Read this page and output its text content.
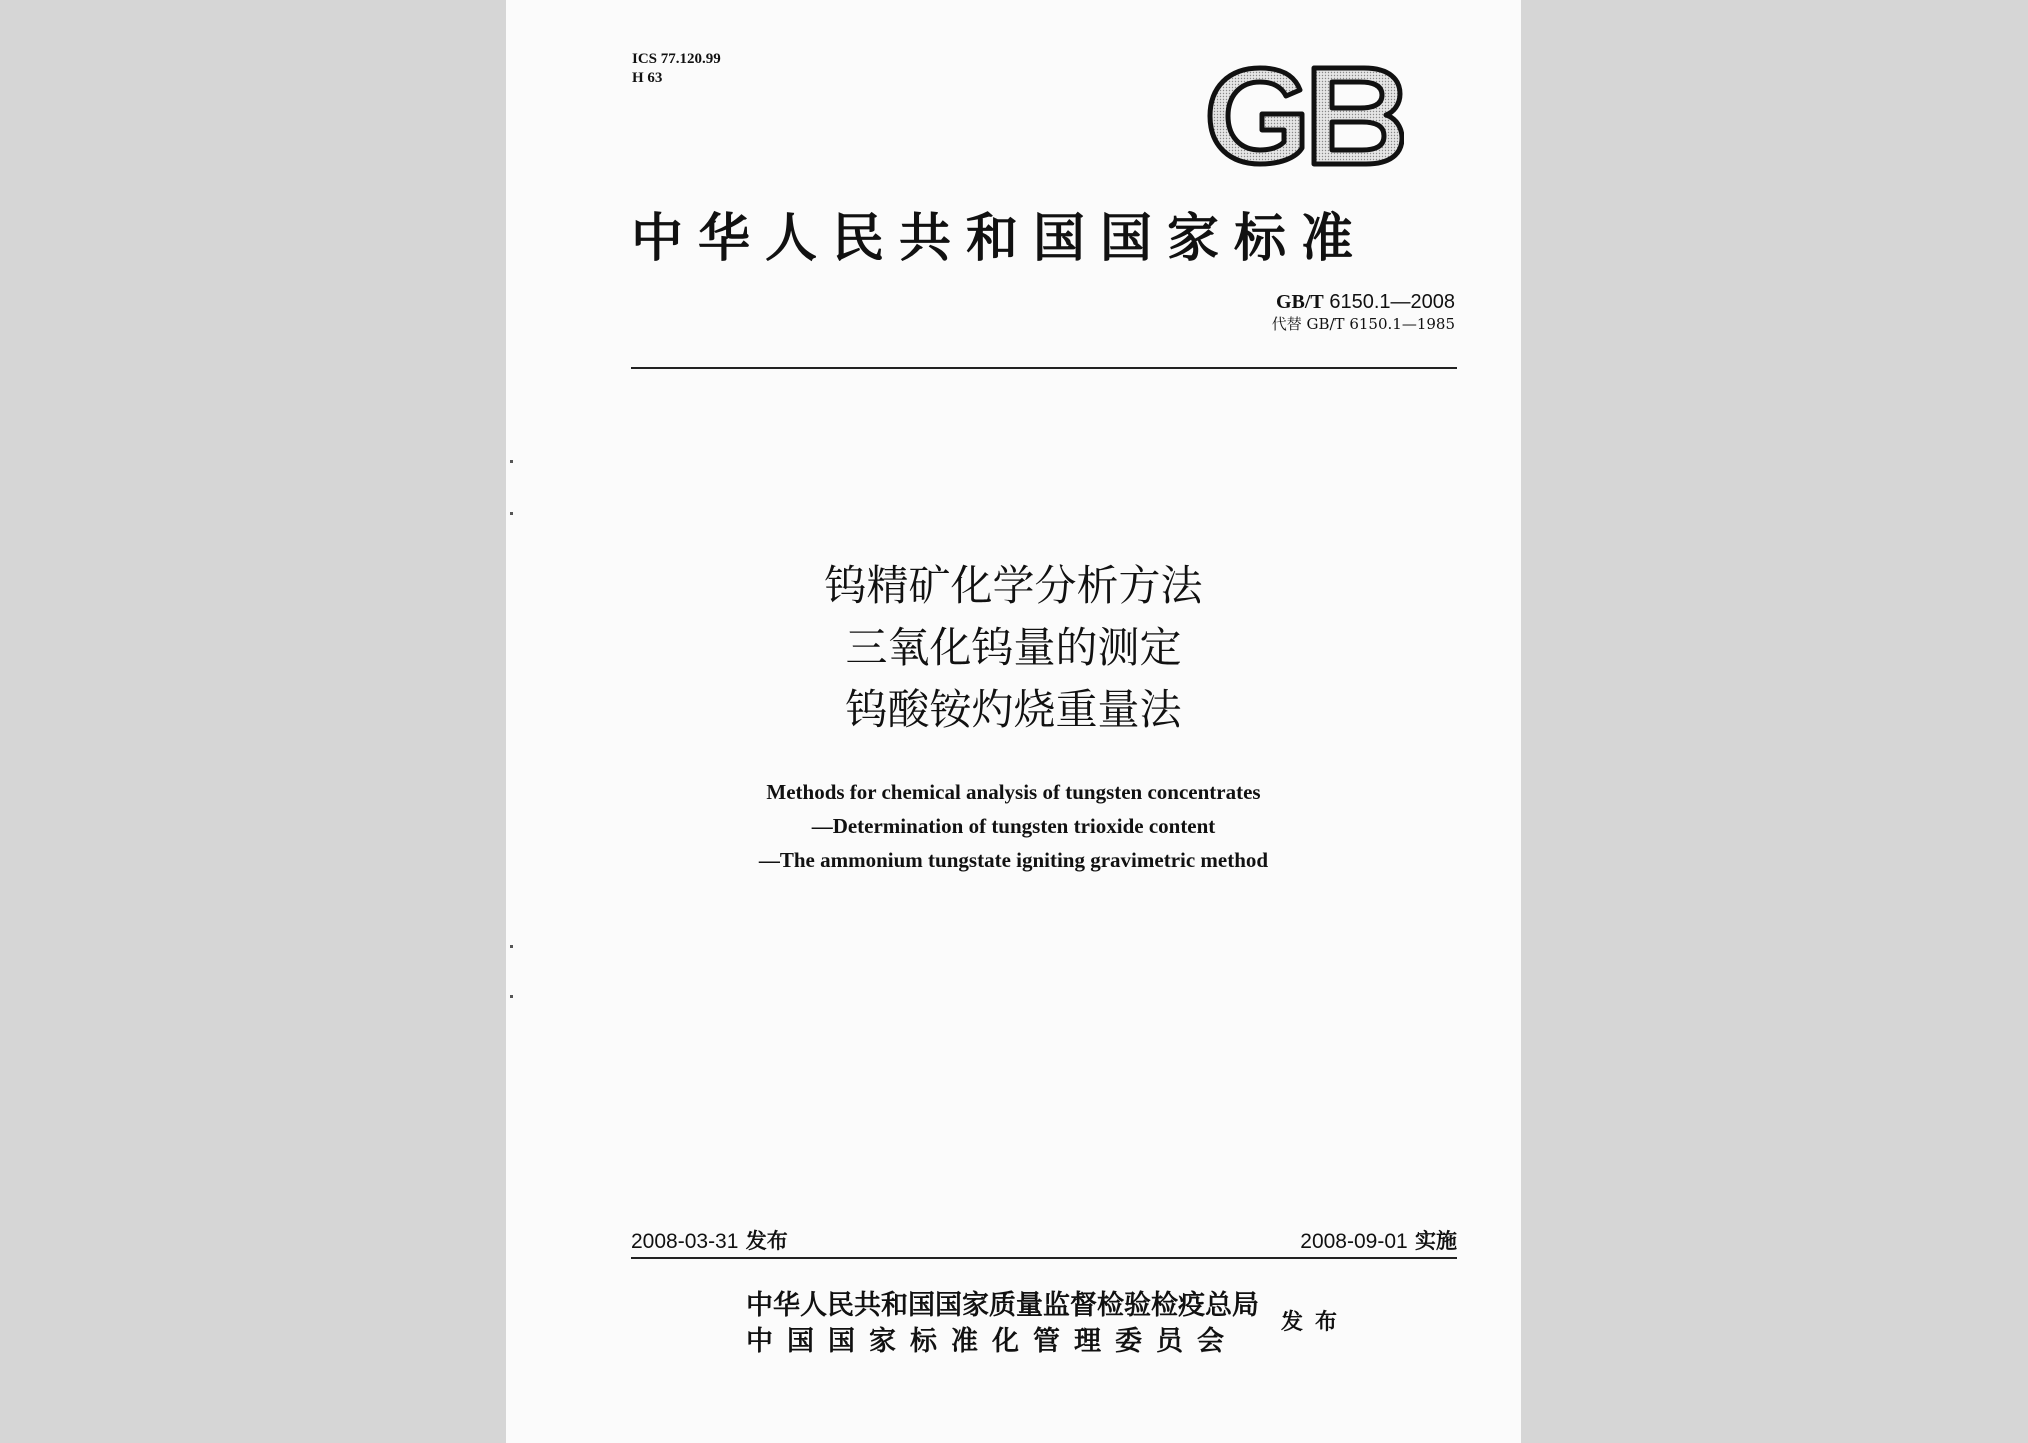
ICS 77.120.99
H 63
中华人民共和国国家标准
GB/T 6150.1—2008
代替 GB/T 6150.1—1985
钨精矿化学分析方法
三氧化钨量的测定
钨酸铵灼烧重量法
Methods for chemical analysis of tungsten concentrates
—Determination of tungsten trioxide content
—The ammonium tungstate igniting gravimetric method
2008-03-31 发布	2008-09-01 实施
中华人民共和国国家质量监督检验检疫总局
中国国家标准化管理委员会
发布
